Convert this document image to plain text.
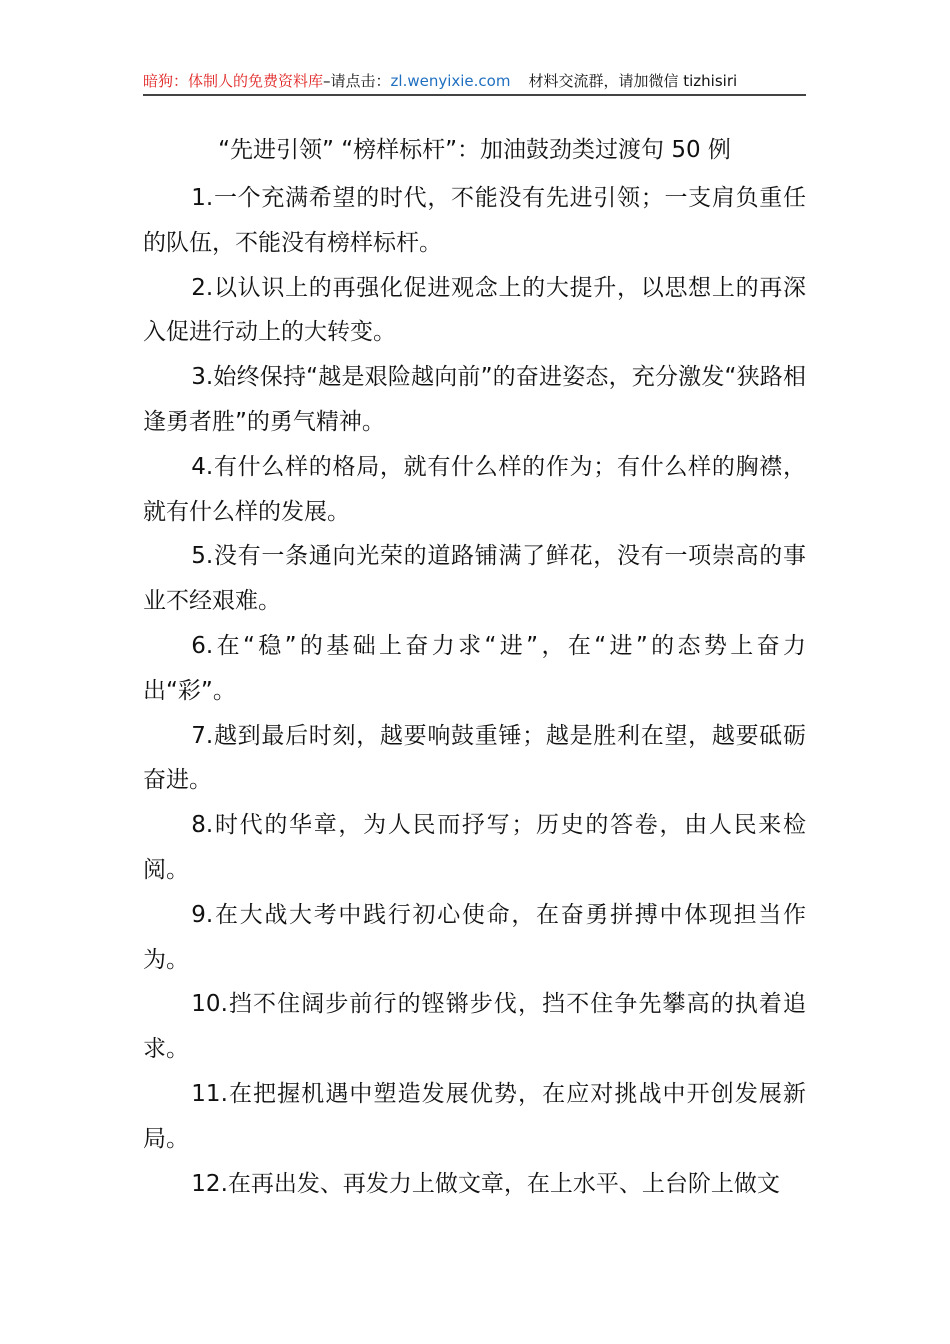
暗狗：体制人的免费资料库–请点击：zl.wenyixie.com 材料交流群，请加微信 tizhisiri
“先进引领” “榜样标杆”：加油鼓劲类过渡句 50 例

1.一个充满希望的时代，不能没有先进引领；一支肩负重任的队伍，不能没有榜样标杆。

2.以认识上的再强化促进观念上的大提升，以思想上的再深入促进行动上的大转变。

3.始终保持“越是艰险越向前”的奋进姿态，充分激发“狭路相逢勇者胜”的勇气精神。

4.有什么样的格局，就有什么样的作为；有什么样的胸襟，就有什么样的发展。

5.没有一条通向光荣的道路铺满了鲜花，没有一项崇高的事业不经艰难。

6.在“稳”的基础上奋力求“进”，在“进”的态势上奋力出“彩”。

7.越到最后时刻，越要响鼓重锤；越是胜利在望，越要砥砺奋进。

8.时代的华章，为人民而抒写；历史的答卷，由人民来检阅。

9.在大战大考中践行初心使命，在奋勇拼搏中体现担当作为。

10.挡不住阔步前行的铿锵步伐，挡不住争先攀高的执着追求。

11.在把握机遇中塑造发展优势，在应对挑战中开创发展新局。

12.在再出发、再发力上做文章，在上水平、上台阶上做文
